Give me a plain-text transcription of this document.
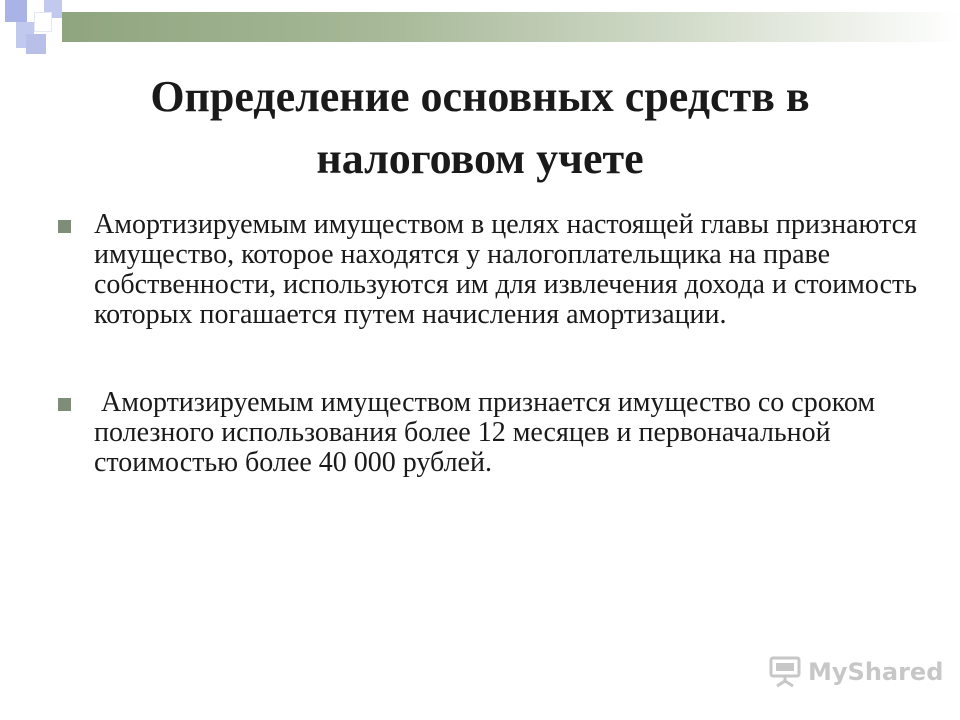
Определение основных средств в налоговом учете
Амортизируемым имуществом в целях настоящей главы признаются имущество, которое находятся у налогоплательщика на праве собственности, используются им для извлечения дохода и стоимость которых погашается путем начисления амортизации.
Амортизируемым имуществом признается имущество со сроком полезного использования более 12 месяцев и первоначальной стоимостью более 40 000 рублей.
MyShared
